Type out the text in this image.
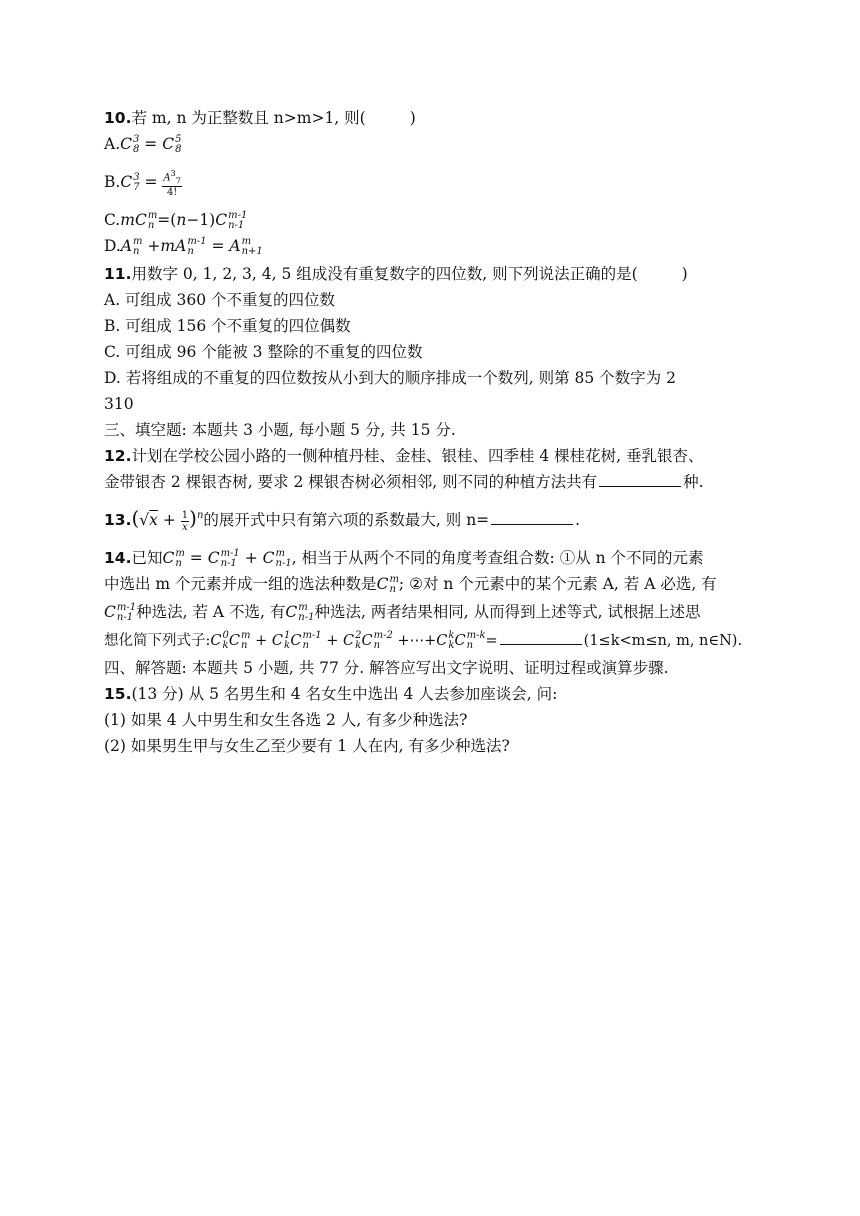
10.若 m, n 为正整数且 n>m>1, 则(	)
A.C 3
8 = C 5
8
B.C 3
$7 = \frac{A^3_7}{4!}$
C.mC m
n =(n−1)C m-1
n-1
D.A m
n +mA m-1
n = A m
n+1
11.用数字 0, 1, 2, 3, 4, 5 组成没有重复数字的四位数, 则下列说法正确的是(	)
A. 可组成 360 个不重复的四位数
B. 可组成 156 个不重复的四位偶数
C. 可组成 96 个能被 3 整除的不重复的四位数
D. 若将组成的不重复的四位数按从小到大的顺序排成一个数列, 则第 85 个数字为 2
310
三、填空题: 本题共 3 小题, 每小题 5 分, 共 15 分.
12.计划在学校公园小路的一侧种植丹桂、金桂、银桂、四季桂 4 棵桂花树, 垂乳银杏、
金带银杏 2 棵银杏树, 要求 2 棵银杏树必须相邻, 则不同的种植方法共有	种.
$13.(√x + \frac{1}{x} )^n$的展开式中只有第六项的系数最大, 则 n=	.
14.已知C m
n = C m-1
n-1 + C m
n-1 , 相当于从两个不同的角度考查组合数: ①从 n 个不同的元素
中选出 m 个元素并成一组的选法种数是C m
n ; ②对 n 个元素中的某个元素 A, 若 A 必选, 有
C m-1
n-1 种选法, 若 A 不选, 有C m
n-1 种选法, 两者结果相同, 从而得到上述等式, 试根据上述思
想化简下列式子:C 0
k C m
n + C 1
k C m-1
n + C 2
k C m-2
n +⋯+C k
k C m-k
n =	(1≤k<m≤n, m, n∈N).
四、解答题: 本题共 5 小题, 共 77 分. 解答应写出文字说明、证明过程或演算步骤.
15.(13 分) 从 5 名男生和 4 名女生中选出 4 人去参加座谈会, 问:
(1) 如果 4 人中男生和女生各选 2 人, 有多少种选法?
(2) 如果男生甲与女生乙至少要有 1 人在内, 有多少种选法?
